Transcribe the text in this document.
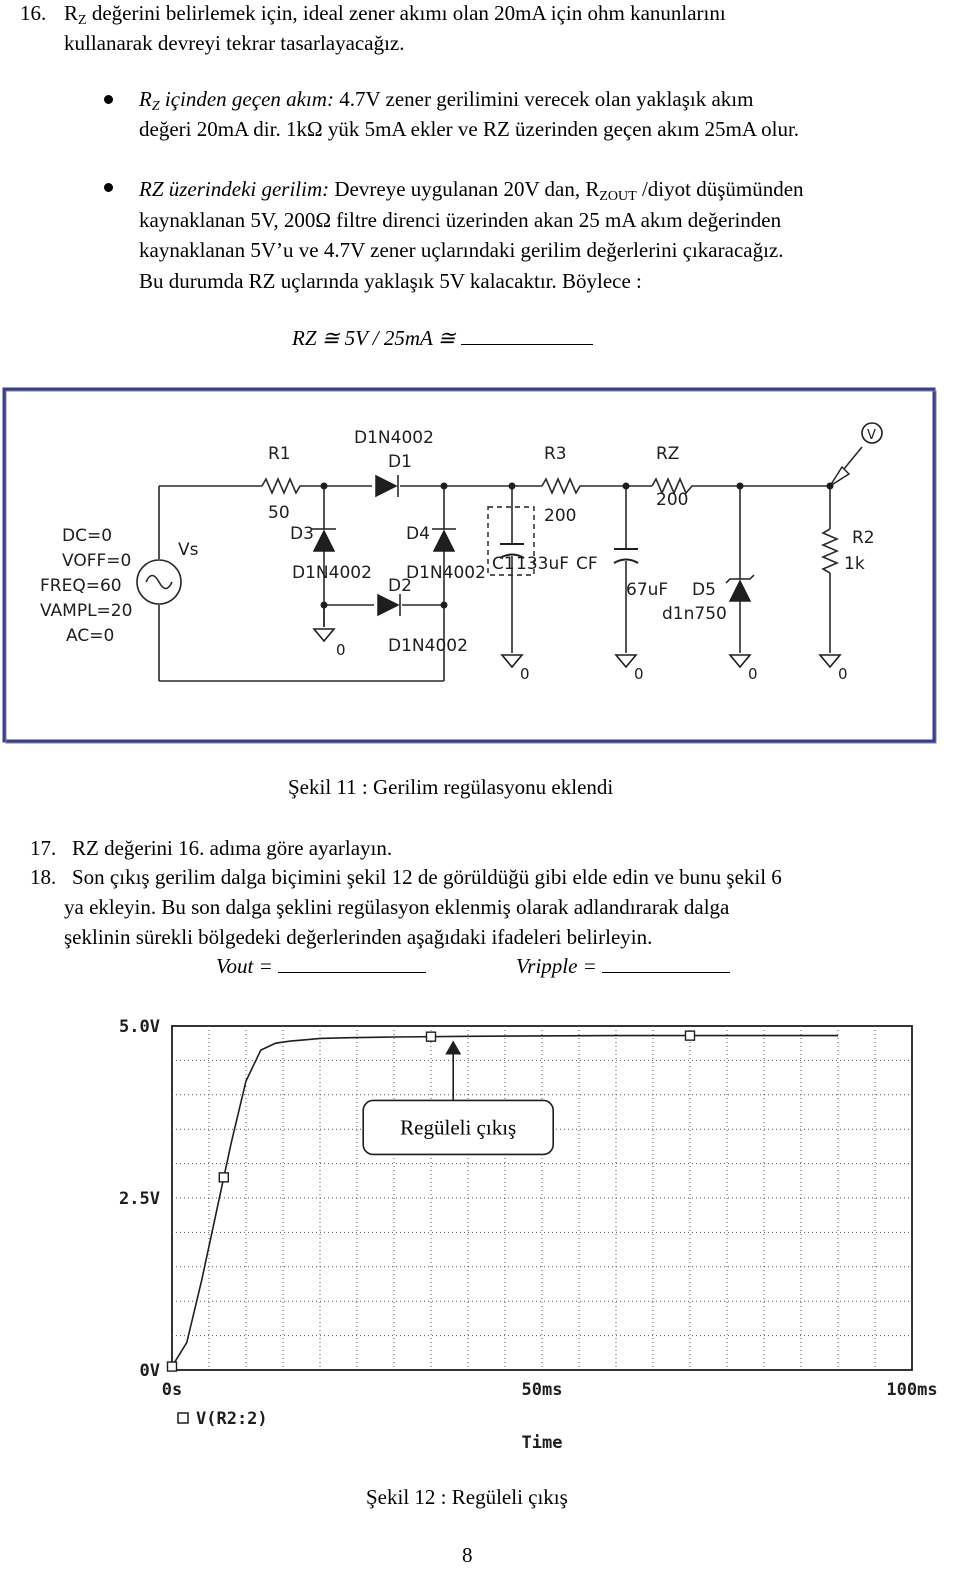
16. $R_Z$ değerini belirlemek için, ideal zener akımı olan 20mA için ohm kanunlarını
kullanarak devreyi tekrar tasarlayacağız.
$R_Z$ içinden geçen akım: 4.7V zener gerilimini verecek olan yaklaşık akım
değeri 20mA dir. 1kΩ yük 5mA ekler ve RZ üzerinden geçen akım 25mA olur.
RZ üzerindeki gerilim: Devreye uygulanan 20V dan, $R_{ZOUT}$ /diyot düşümünden
kaynaklanan 5V, 200Ω filtre direnci üzerinden akan 25 mA akım değerinden
kaynaklanan 5V’u ve 4.7V zener uçlarındaki gerilim değerlerini çıkaracağız.
Bu durumda RZ uçlarında yaklaşık 5V kalacaktır. Böylece :
RZ ≅ 5V / 25mA ≅
DC=0
VOFF=0
FREQ=60
VAMPL=20
AC=0
Vs
R1
50
D1N4002
D1
D3
D1N4002
D4
D1N4002
D2
D1N4002
R3
200
C1 133uF CF
67uF
RZ
200
D5
d1n750
R2
1k
V
0
0	0	0	0
Şekil 11 : Gerilim regülasyonu eklendi
17. RZ değerini 16. adıma göre ayarlayın.
18. Son çıkış gerilim dalga biçimini şekil 12 de görüldüğü gibi elde edin ve bunu şekil 6
ya ekleyin. Bu son dalga şeklini regülasyon eklenmiş olarak adlandırarak dalga
şeklinin sürekli bölgedeki değerlerinden aşağıdaki ifadeleri belirleyin.
Vout =	Vripple =
5.0V
2.5V
0V
0s	50ms	100ms
Time
V(R2:2)
Regüleli çıkış
Şekil 12 : Regüleli çıkış
8
